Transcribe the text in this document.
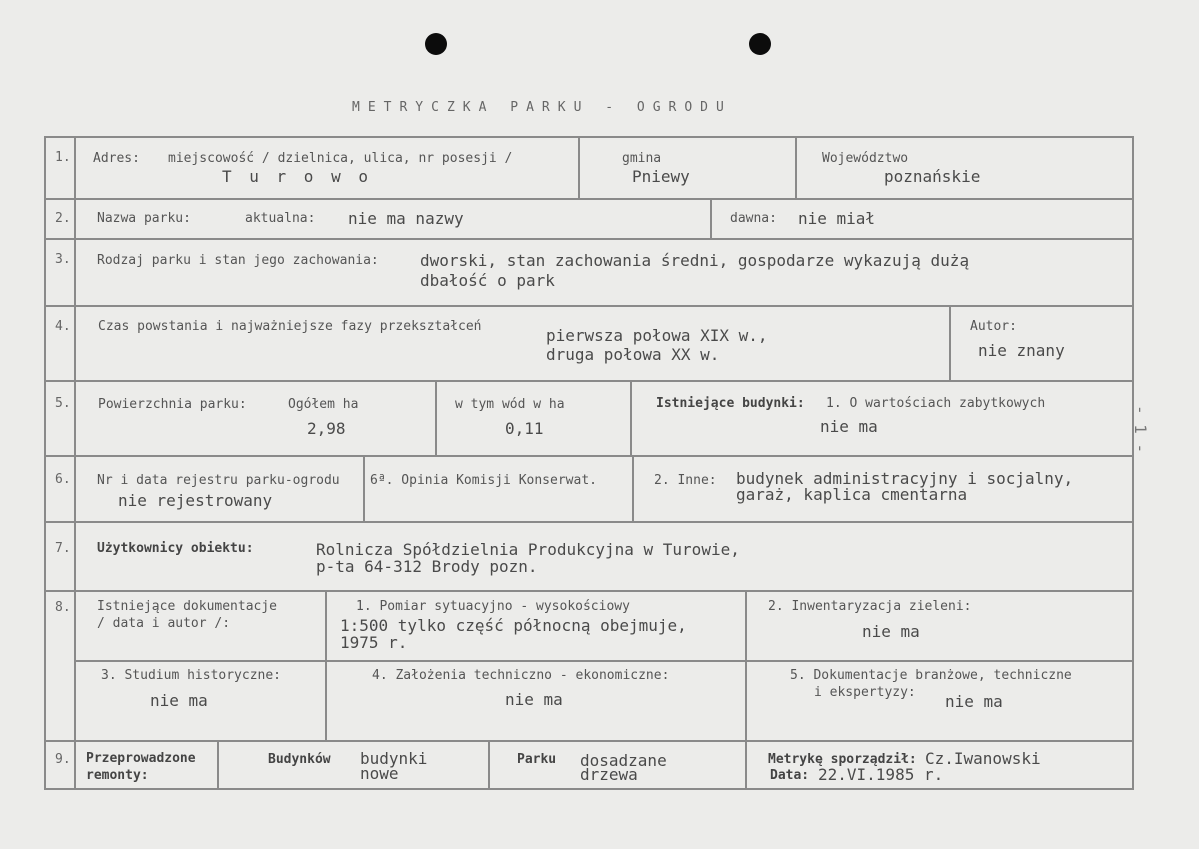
METRYCZKA PARKU - OGRODU
- 1 -
1. Adres: miejscowość / dzielnica, ulica, nr posesji /
T u r o w o
gmina
Pniewy
Województwo
poznańskie
2. Nazwa parku:	aktualna: nie ma nazwy	dawna: nie miał
3. Rodzaj parku i stan jego zachowania:	dworski, stan zachowania średni, gospodarze wykazują dużą
dbałość o park
4. Czas powstania i najważniejsze fazy przekształceń	pierwsza połowa XIX w.,
druga połowa XX w.
Autor:
nie znany
5. Powierzchnia parku:	Ogółem ha
2,98
w tym wód w ha
0,11
Istniejące budynki: 1. O wartościach zabytkowych
nie ma
6. Nr i data rejestru parku-ogrodu
nie rejestrowany
6ª. Opinia Komisji Konserwat.	2. Inne: budynek administracyjny i socjalny,
garaż, kaplica cmentarna
7. Użytkownicy obiektu:	Rolnicza Spółdzielnia Produkcyjna w Turowie,
p-ta 64-312 Brody pozn.
8. Istniejące dokumentacje
/ data i autor /:
1. Pomiar sytuacyjno - wysokościowy
1:500 tylko część północną obejmuje,
1975 r.
2. Inwentaryzacja zieleni:
nie ma
3. Studium historyczne:
nie ma
4. Założenia techniczno - ekonomiczne:
nie ma
5. Dokumentacje branżowe, techniczne
i ekspertyzy: nie ma
9. Przeprowadzone
remonty:
Budynków budynki
nowe
Parku dosadzane
drzewa
Metrykę sporządził: Cz.Iwanowski
Data: 22.VI.1985 r.
